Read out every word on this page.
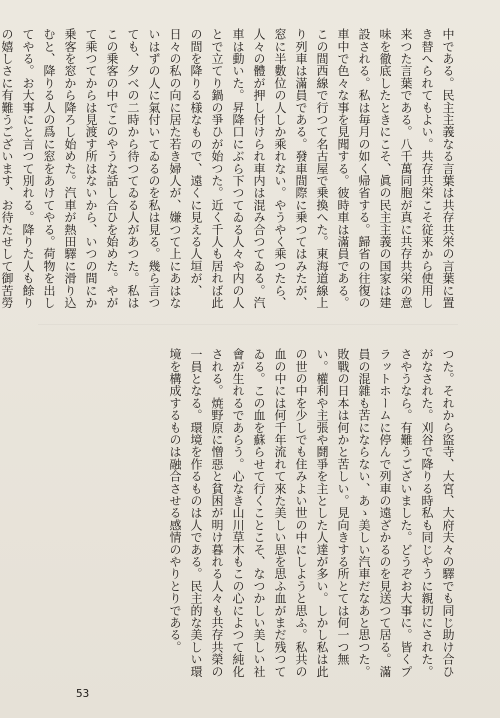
中である。民主主義なる言葉は共存共栄の言葉に置き替へられてもよい。共存共栄こそ従来から使用し来つた言葉である。八千萬同胞が真に共存共栄の意味を徹底したときにこそ、眞の民主主義の国家は建設される。私は毎月の如く帰省する。歸省の往復の車中で色々な事を見聞する。彼時車は滿員である。この間西線で行つて名古屋で乗換へた。東海道線上り列車は滿員である。發車間際に乗つてはみたが、窓に半數位の人しか乘れない。やうやく乘つたら、人々の體が押し付けられ車内は混み合つてゐる。汽車は動いた。昇降口にぶら下つてゐる人々や内の人とで立てり鍋の爭ひが始つた。近く千人も居れば此の間を降りる様なもので、遠くに見える人垣が、日々の私の向に居た若き婦人が、嫌つて上にあはないはずの人に氣付いてゐるのを私は見る。幾ら言つても、夕べの二時から待つてゐる人があつた。私はこの乗客の中でこのやうな話し合ひを始めた。やがて乘つてからは見渡す所はないから、いつの間にか乗客を窓から降ろし始めた。汽車が熱田驛に滑り込むと、降りる人の爲に窓をあけてやる。荷物を出してやる。お大事にと言つて別れる。降りた人も餘りの嬉しさに有難うございます、お待たせして御苦勞
つた。それから盜寺、大宮、大府夫々の驛でも同じ助け合ひがなされた。刈谷で降りる時私も同じやうに親切にされた。さやうなら。有難うございました。どうぞお大事に。皆くプラットホームに停んで列車の遠ざかるのを見送つて居る。滿員の混雜も苦にならない、あゝ美しい汽車だなあと思つた。敗戰の日本は何かと苦しい。見向きする所とては何一つ無い。權利や主張や鬪爭を主とした人達が多い。しかし私は此の世の中を少しでも住みよい世の中にしようと思ふ。私共の血の中には何千年流れて來た美しい思を思ふ血がまだ残つてゐる。この血を蘇らせて行くことこそ、なつかしい美しい社會が生れるであらう。心なき山川草木もこの心によつて純化される。焼野原に憎惡と貧困が明け暮れる人々も共存共榮の一員となる。環境を作るものは人である。民主的な美しい環境を構成するものは融合させる感情のやりとりである。
53
